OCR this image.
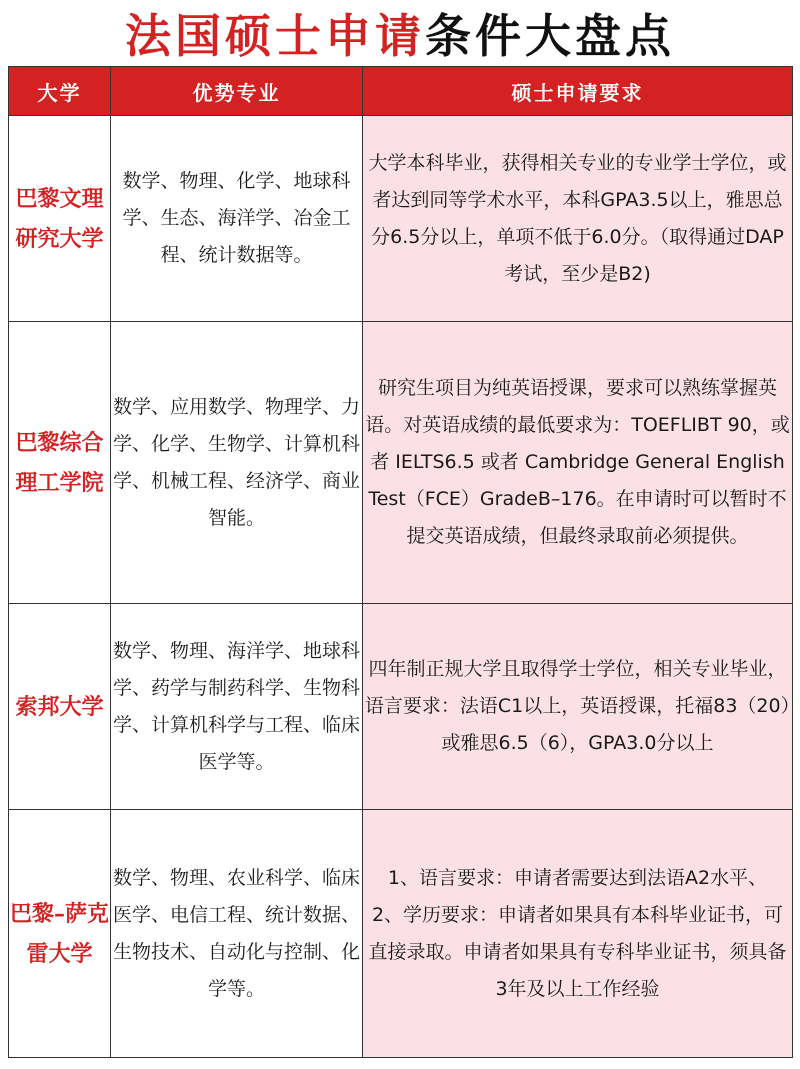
法国硕士申请 条件大盘点
大学	优势专业	硕士申请要求
巴黎文理研究大学	数学、物理、化学、地球科学、生态、海洋学、冶金工程、统计数据等。	大学本科毕业，获得相关专业的专业学士学位，或者达到同等学术水平，本科GPA3.5以上，雅思总分6.5分以上，单项不低于6.0分。（取得通过DAP考试，至少是B2)

巴黎综合理工学院	数学、应用数学、物理学、力学、化学、生物学、计算机科学、机械工程、经济学、商业智能。	研究生项目为纯英语授课，要求可以熟练掌握英语。对英语成绩的最低要求为：TOEFLIBT 90，或者 IELTS6.5 或者 Cambridge General English Test（FCE）GradeB–176。在申请时可以暂时不提交英语成绩，但最终录取前必须提供。

索邦大学	数学、物理、海洋学、地球科学、药学与制药科学、生物科学、计算机科学与工程、临床医学等。	四年制正规大学且取得学士学位，相关专业毕业，语言要求：法语C1以上，英语授课，托福83（20）或雅思6.5（6），GPA3.0分以上

巴黎–萨克雷大学	数学、物理、农业科学、临床医学、电信工程、统计数据、生物技术、自动化与控制、化学等。	1、语言要求：申请者需要达到法语A2水平、
2、学历要求：申请者如果具有本科毕业证书，可直接录取。申请者如果具有专科毕业证书，须具备3年及以上工作经验
